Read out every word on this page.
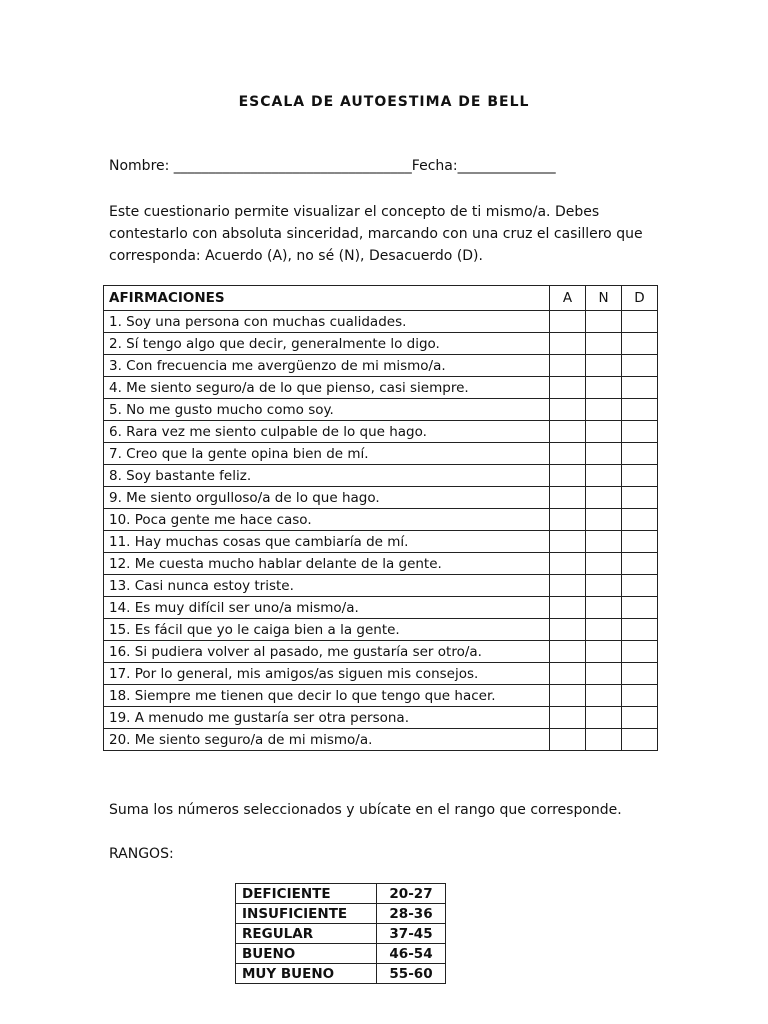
ESCALA DE AUTOESTIMA DE BELL
Nombre: __________________________________Fecha:______________
Este cuestionario permite visualizar el concepto de ti mismo/a. Debes contestarlo con absoluta sinceridad, marcando con una cruz el casillero que corresponda: Acuerdo (A), no sé (N), Desacuerdo (D).
AFIRMACIONES	A	N	D
1. Soy una persona con muchas cualidades.			
2. Sí tengo algo que decir, generalmente lo digo.			
3. Con frecuencia me avergüenzo de mi mismo/a.			
4. Me siento seguro/a de lo que pienso, casi siempre.			
5. No me gusto mucho como soy.			
6. Rara vez me siento culpable de lo que hago.			
7. Creo que la gente opina bien de mí.			
8. Soy bastante feliz.			
9. Me siento orgulloso/a de lo que hago.			
10. Poca gente me hace caso.			
11. Hay muchas cosas que cambiaría de mí.			
12. Me cuesta mucho hablar delante de la gente.			
13. Casi nunca estoy triste.			
14. Es muy difícil ser uno/a mismo/a.			
15. Es fácil que yo le caiga bien a la gente.			
16. Si pudiera volver al pasado, me gustaría ser otro/a.			
17. Por lo general, mis amigos/as siguen mis consejos.			
18. Siempre me tienen que decir lo que tengo que hacer.			
19. A menudo me gustaría ser otra persona.			
20. Me siento seguro/a de mi mismo/a.			
Suma los números seleccionados y ubícate en el rango que corresponde.
RANGOS:
DEFICIENTE	20-27
INSUFICIENTE	28-36
REGULAR	37-45
BUENO	46-54
MUY BUENO	55-60
